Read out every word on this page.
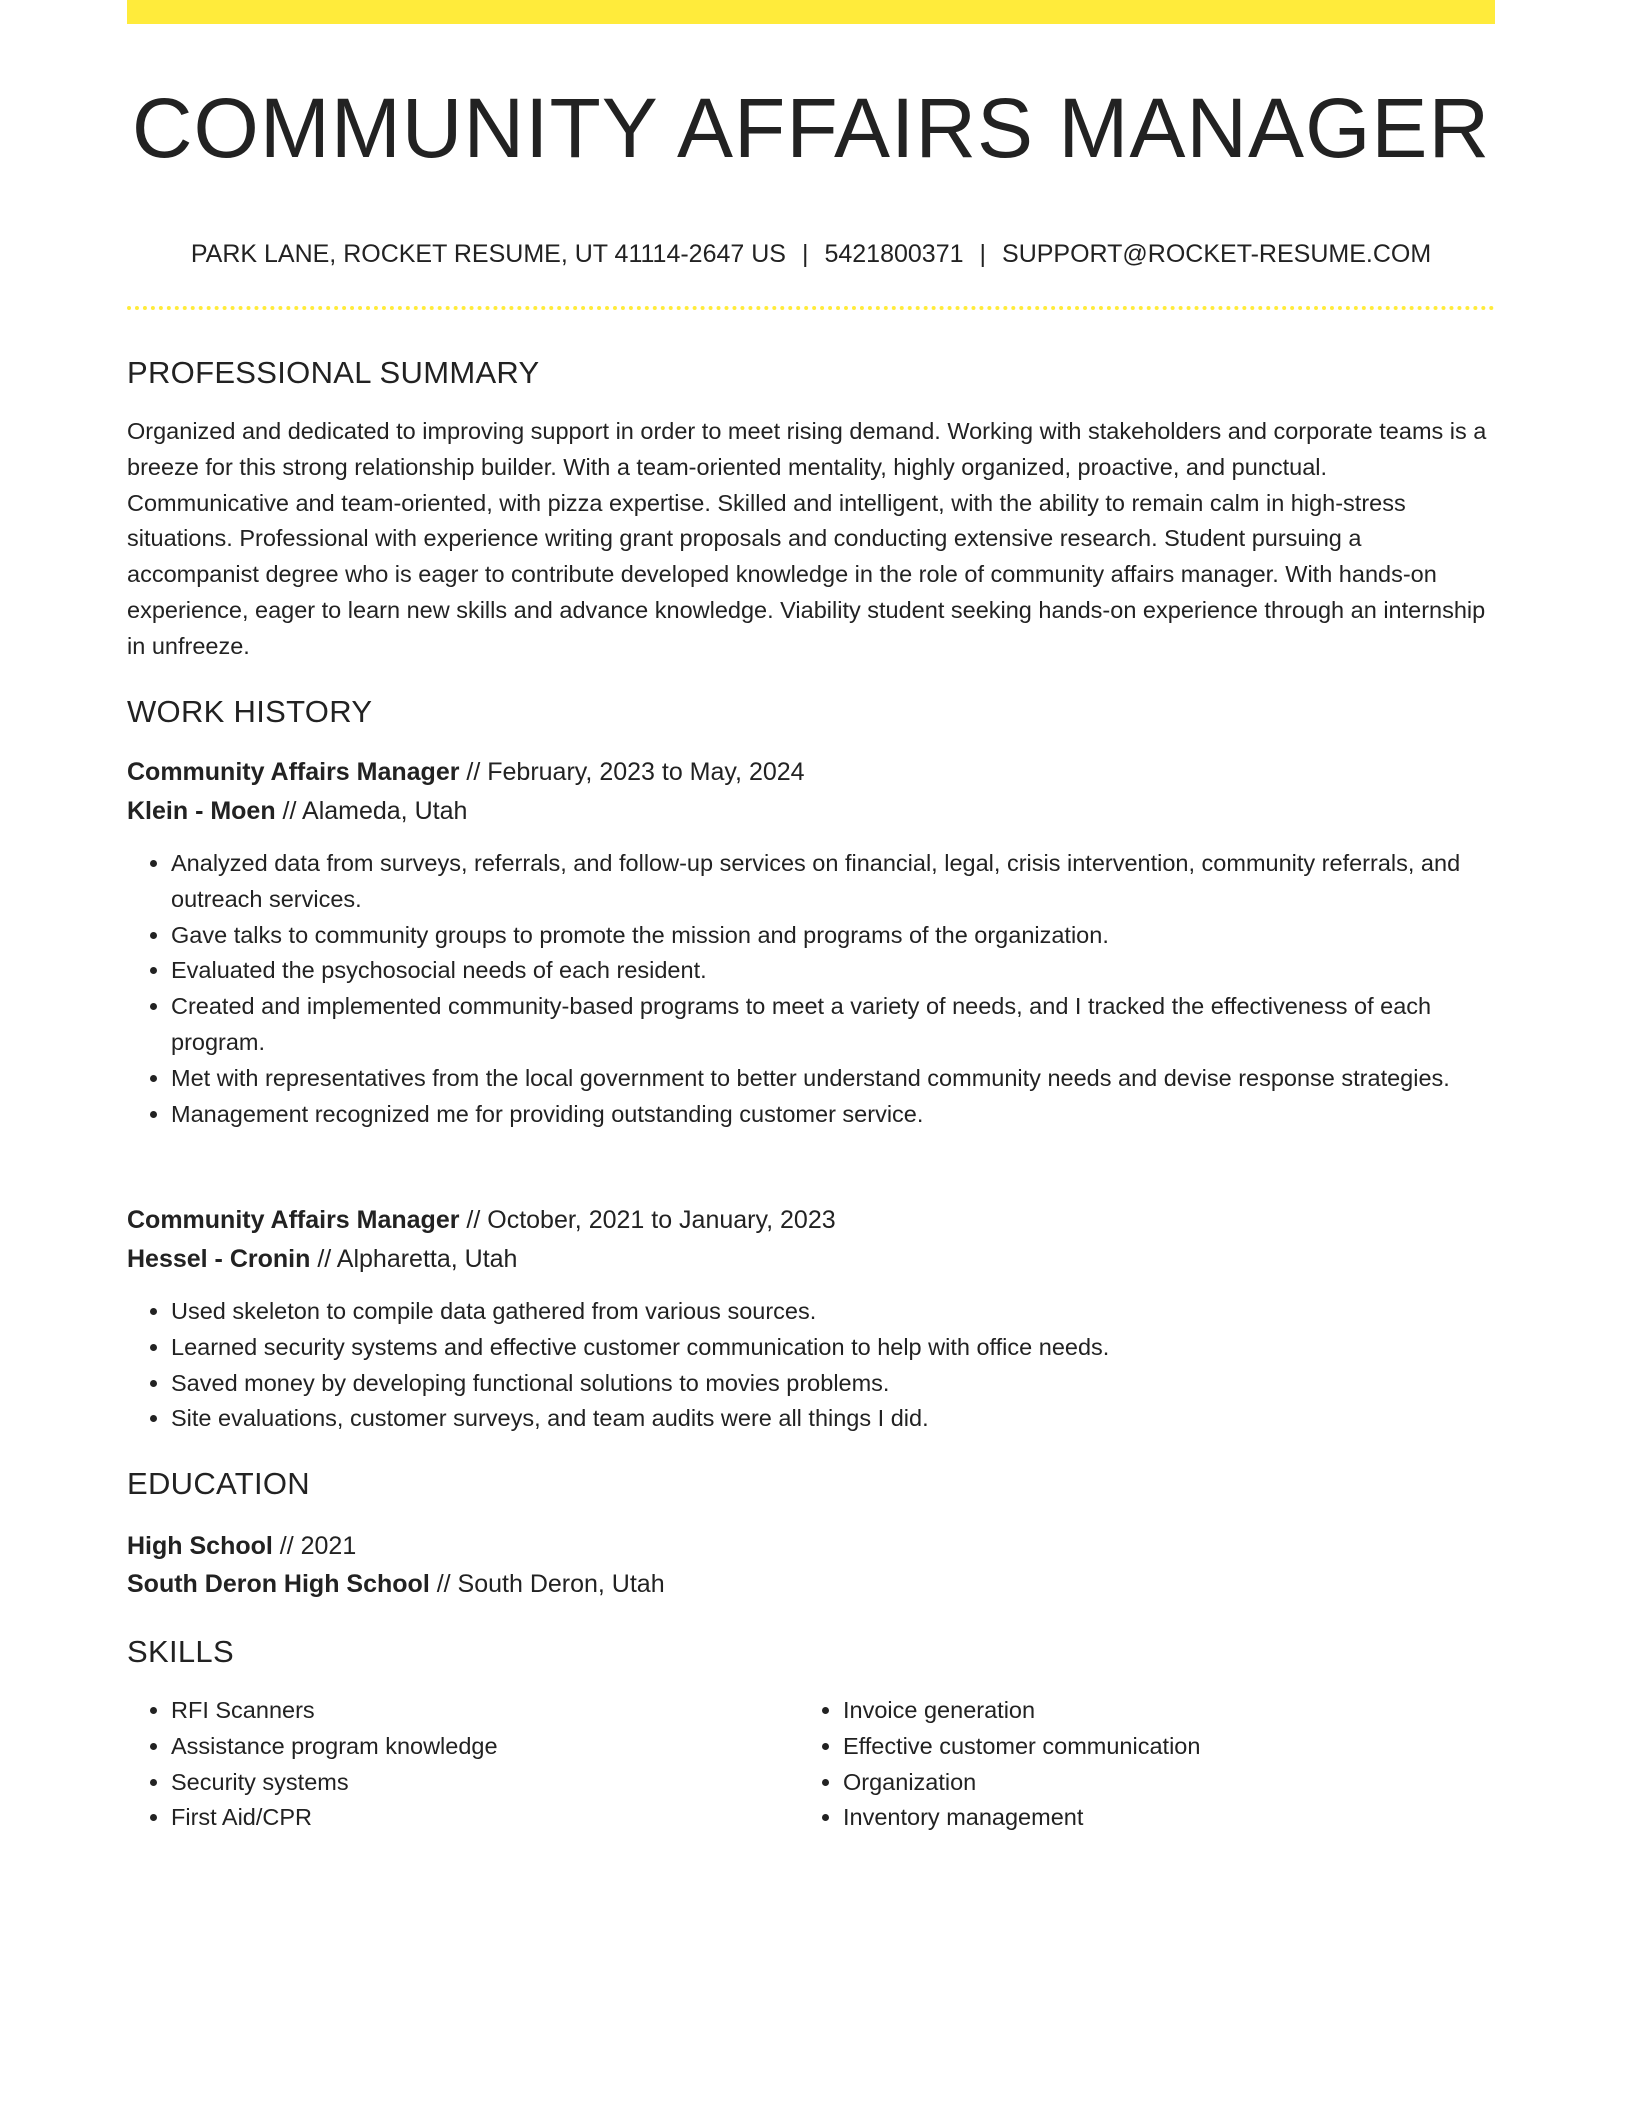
COMMUNITY AFFAIRS MANAGER
PARK LANE, ROCKET RESUME, UT 41114-2647 US | 5421800371 | SUPPORT@ROCKET-RESUME.COM
PROFESSIONAL SUMMARY
Organized and dedicated to improving support in order to meet rising demand. Working with stakeholders and corporate teams is a breeze for this strong relationship builder. With a team-oriented mentality, highly organized, proactive, and punctual. Communicative and team-oriented, with pizza expertise. Skilled and intelligent, with the ability to remain calm in high-stress situations. Professional with experience writing grant proposals and conducting extensive research. Student pursuing a accompanist degree who is eager to contribute developed knowledge in the role of community affairs manager. With hands-on experience, eager to learn new skills and advance knowledge. Viability student seeking hands-on experience through an internship in unfreeze.
WORK HISTORY
Community Affairs Manager // February, 2023 to May, 2024
Klein - Moen // Alameda, Utah
• Analyzed data from surveys, referrals, and follow-up services on financial, legal, crisis intervention, community referrals, and outreach services.
• Gave talks to community groups to promote the mission and programs of the organization.
• Evaluated the psychosocial needs of each resident.
• Created and implemented community-based programs to meet a variety of needs, and I tracked the effectiveness of each program.
• Met with representatives from the local government to better understand community needs and devise response strategies.
• Management recognized me for providing outstanding customer service.
Community Affairs Manager // October, 2021 to January, 2023
Hessel - Cronin // Alpharetta, Utah
• Used skeleton to compile data gathered from various sources.
• Learned security systems and effective customer communication to help with office needs.
• Saved money by developing functional solutions to movies problems.
• Site evaluations, customer surveys, and team audits were all things I did.
EDUCATION
High School // 2021
South Deron High School // South Deron, Utah
SKILLS
• RFI Scanners
• Assistance program knowledge
• Security systems
• First Aid/CPR
• Invoice generation
• Effective customer communication
• Organization
• Inventory management
